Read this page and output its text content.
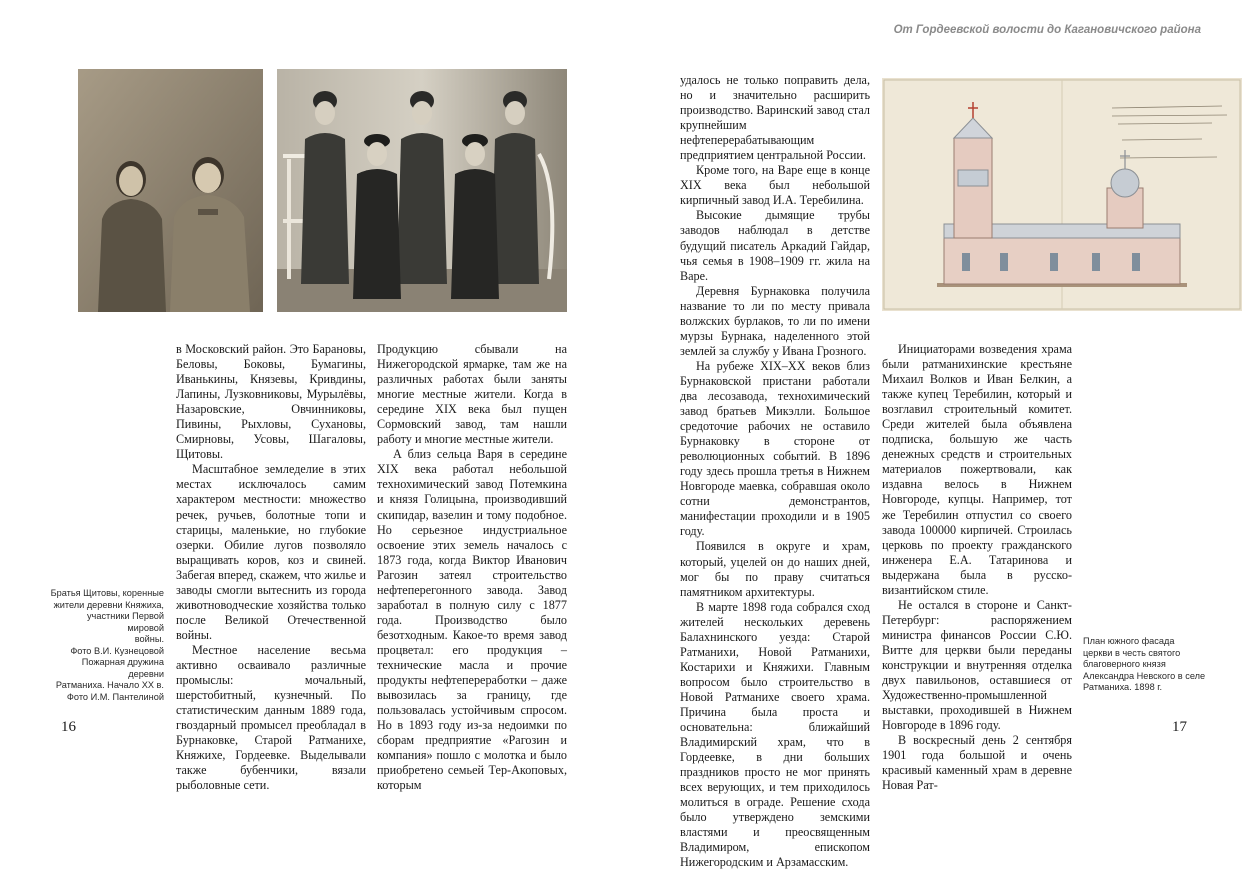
От Гордеевской волости до Кагановичского района
Братья Щитовы, коренные
жители деревни Княжиха,
участники Первой мировой
войны.
Фото В.И. Кузнецовой
Пожарная дружина деревни
Ратманиха. Начало XX в.
Фото И.М. Пантелиной

в Московский район. Это Барановы, Беловы, Боковы, Бумагины, Иванькины, Князевы, Кривдины, Лапины, Лузковниковы, Мурылёвы, Назаровские, Овчинниковы, Пивины, Рыхловы, Сухановы, Смирновы, Усовы, Шагаловы, Щитовы.

Масштабное земледелие в этих местах исключалось самим характером местности: множество речек, ручьев, болотные топи и старицы, маленькие, но глубокие озерки. Обилие лугов позволяло выращивать коров, коз и свиней. Забегая вперед, скажем, что жилье и заводы смогли вытеснить из города животноводческие хозяйства только после Великой Отечественной войны.

Местное население весьма активно осваивало различные промыслы: мочальный, шерстобитный, кузнечный. По статистическим данным 1889 года, гвоздарный промысел преобладал в Бурнаковке, Старой Ратманихе, Княжихе, Гордеевке. Выделывали также бубенчики, вязали рыболовные сети.

Продукцию сбывали на Нижегородской ярмарке, там же на различных работах были заняты многие местные жители. Когда в середине XIX века был пущен Сормовский завод, там нашли работу и многие местные жители.

А близ сельца Варя в середине XIX века работал небольшой технохимический завод Потемкина и князя Голицына, производивший скипидар, вазелин и тому подобное. Но серьезное индустриальное освоение этих земель началось с 1873 года, когда Виктор Иванович Рагозин затеял строительство нефтеперегонного завода. Завод заработал в полную силу с 1877 года. Производство было безотходным. Какое-то время завод процветал: его продукция – технические масла и прочие продукты нефтепереработки – даже вывозилась за границу, где пользовалась устойчивым спросом. Но в 1893 году из-за недоимки по сборам предприятие «Рагозин и компания» пошло с молотка и было приобретено семьей Тер-Акоповых, которым

удалось не только поправить дела, но и значительно расширить производство. Варинский завод стал крупнейшим нефтеперерабатывающим предприятием центральной России.

Кроме того, на Варе еще в конце XIX века был небольшой кирпичный завод И.А. Теребилина.

Высокие дымящие трубы заводов наблюдал в детстве будущий писатель Аркадий Гайдар, чья семья в 1908–1909 гг. жила на Варе.

Деревня Бурнаковка получила название то ли по месту привала волжских бурлаков, то ли по имени мурзы Бурнака, наделенного этой землей за службу у Ивана Грозного.

На рубеже XIX–XX веков близ Бурнаковской пристани работали два лесозавода, технохимический завод братьев Микэлли. Большое средоточие рабочих не оставило Бурнаковку в стороне от революционных событий. В 1896 году здесь прошла третья в Нижнем Новгороде маевка, собравшая около сотни демонстрантов, манифестации проходили и в 1905 году.

Появился в округе и храм, который, уцелей он до наших дней, мог бы по праву считаться памятником архитектуры.

В марте 1898 года собрался сход жителей нескольких деревень Балахнинского уезда: Старой Ратманихи, Новой Ратманихи, Костарихи и Княжихи. Главным вопросом было строительство в Новой Ратманихе своего храма. Причина была проста и основательна: ближайший Владимирский храм, что в Гордеевке, в дни больших праздников просто не мог принять всех верующих, и тем приходилось молиться в ограде. Решение схода было утверждено земскими властями и преосвященным Владимиром, епископом Нижегородским и Арзамасским.

Инициаторами возведения храма были ратманихинские крестьяне Михаил Волков и Иван Белкин, а также купец Теребилин, который и возглавил строительный комитет. Среди жителей была объявлена подписка, большую же часть денежных средств и строительных материалов пожертвовали, как издавна велось в Нижнем Новгороде, купцы. Например, тот же Теребилин отпустил со своего завода 100000 кирпичей. Строилась церковь по проекту гражданского инженера Е.А. Татаринова и выдержана была в русско-византийском стиле.

Не остался в стороне и Санкт-Петербург: распоряжением министра финансов России С.Ю. Витте для церкви были переданы конструкции и внутренняя отделка двух павильонов, оставшиеся от Художественно-промышленной выставки, проходившей в Нижнем Новгороде в 1896 году.

В воскресный день 2 сентября 1901 года большой и очень красивый каменный храм в деревне Новая Рат-

План южного фасада
церкви в честь святого
благоверного князя
Александра Невского в селе
Ратманиха. 1898 г.
16	17
